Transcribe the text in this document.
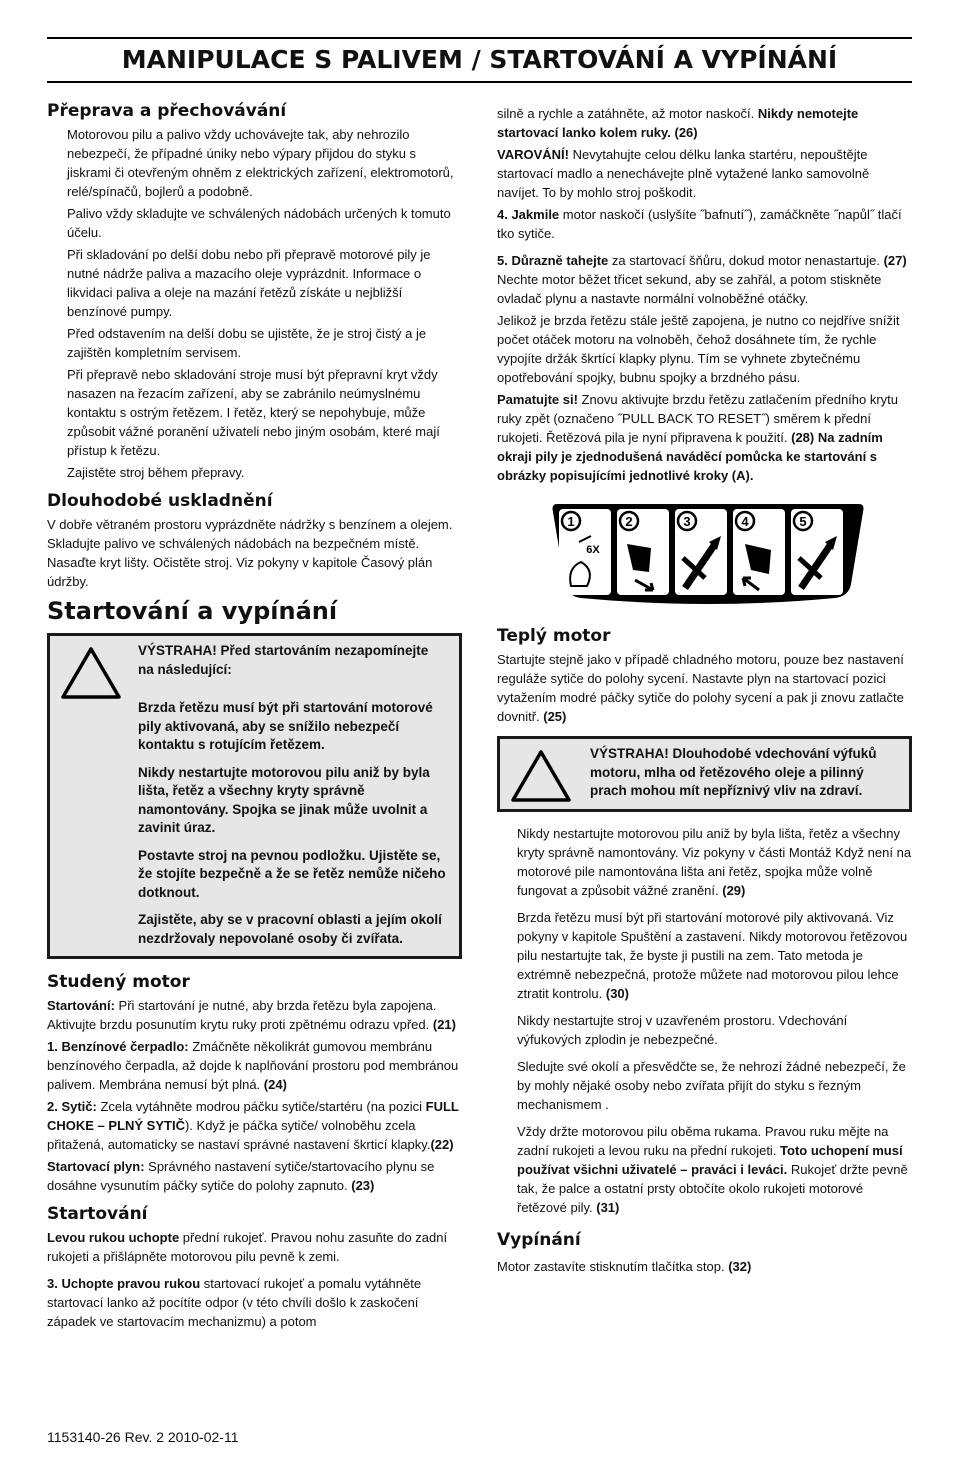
MANIPULACE S PALIVEM / STARTOVÁNÍ A VYPÍNÁNÍ
Přeprava a přechovávání

Motorovou pilu a palivo vždy uchovávejte tak, aby nehrozilo nebezpečí, že případné úniky nebo výpary přijdou do styku s jiskrami či otevřeným ohněm z elektrických zařízení, elektromotorů, relé/spínačů, bojlerů a podobně.

Palivo vždy skladujte ve schválených nádobách určených k tomuto účelu.

Při skladování po delší dobu nebo při přepravě motorové pily je nutné nádrže paliva a mazacího oleje vyprázdnit. Informace o likvidaci paliva a oleje na mazání řetězů získáte u nejbližší benzínové pumpy.

Před odstavením na delší dobu se ujistěte, že je stroj čistý a je zajištěn kompletním servisem.

Při přepravě nebo skladování stroje musí být přepravní kryt vždy nasazen na řezacím zařízení, aby se zabránilo neúmyslnému kontaktu s ostrým řetězem. I řetěz, který se nepohybuje, může způsobit vážné poranění uživateli nebo jiným osobám, které mají přístup k řetězu.

Zajistěte stroj během přepravy.

Dlouhodobé uskladnění

V dobře větraném prostoru vyprázdněte nádržky s benzínem a olejem. Skladujte palivo ve schválených nádobách na bezpečném místě. Nasaďte kryt lišty. Očistěte stroj. Viz pokyny v kapitole Časový plán údržby.

Startování a vypínání

VÝSTRAHA! Před startováním nezapomínejte na následující:

Brzda řetězu musí být při startování motorové pily aktivovaná, aby se snížilo nebezpečí kontaktu s rotujícím řetězem.

Nikdy nestartujte motorovou pilu aniž by byla lišta, řetěz a všechny kryty správně namontovány. Spojka se jinak může uvolnit a zavinit úraz.

Postavte stroj na pevnou podložku. Ujistěte se, že stojíte bezpečně a že se řetěz nemůže ničeho dotknout.

Zajistěte, aby se v pracovní oblasti a jejím okolí nezdržovaly nepovolané osoby či zvířata.

Studený motor

Startování: Při startování je nutné, aby brzda řetězu byla zapojena. Aktivujte brzdu posunutím krytu ruky proti zpětnému odrazu vpřed. (21)

1. Benzínové čerpadlo: Zmáčněte několikrát gumovou membránu benzínového čerpadla, až dojde k naplňování prostoru pod membránou palivem. Membrána nemusí být plná. (24)

2. Sytič: Zcela vytáhněte modrou páčku sytiče/startéru (na pozici FULL CHOKE – PLNÝ SYTIČ). Když je páčka sytiče/ volnoběhu zcela přitažená, automaticky se nastaví správné nastavení škrticí klapky.(22)

Startovací plyn: Správného nastavení sytiče/startovacího plynu se dosáhne vysunutím páčky sytiče do polohy zapnuto. (23)

Startování

Levou rukou uchopte přední rukojeť. Pravou nohu zasuňte do zadní rukojeti a přišlápněte motorovou pilu pevně k zemi.

3. Uchopte pravou rukou startovací rukojeť a pomalu vytáhněte startovací lanko až pocítíte odpor (v této chvíli došlo k zaskočení západek ve startovacím mechanizmu) a potom

silně a rychle a zatáhněte, až motor naskočí. Nikdy nemotejte startovací lanko kolem ruky. (26)

VAROVÁNÍ! Nevytahujte celou délku lanka startéru, nepouštějte startovací madlo a nenechávejte plně vytažené lanko samovolně navíjet. To by mohlo stroj poškodit.

4. Jakmile motor naskočí (uslyšíte ˝bafnutí˝), zamáčkněte ˝napůl˝ tlačí tko sytiče.

5. Důrazně tahejte za startovací šňůru, dokud motor nenastartuje. (27) Nechte motor běžet třicet sekund, aby se zahřál, a potom stiskněte ovladač plynu a nastavte normální volnoběžné otáčky.

Jelikož je brzda řetězu stále ještě zapojena, je nutno co nejdříve snížit počet otáček motoru na volnoběh, čehož dosáhnete tím, že rychle vypojíte držák škrtící klapky plynu. Tím se vyhnete zbytečnému opotřebování spojky, bubnu spojky a brzdného pásu.

Pamatujte si! Znovu aktivujte brzdu řetězu zatlačením předního krytu ruky zpět (označeno ˝PULL BACK TO RESET˝) směrem k přední rukojeti. Řetězová pila je nyní připravena k použití. (28) Na zadním okraji pily je zjednodušená naváděcí pomůcka ke startování s obrázky popisujícími jednotlivé kroky (A).

1
6X
2	3	4	5
Teplý motor

Startujte stejně jako v případě chladného motoru, pouze bez nastavení reguláže sytiče do polohy sycení. Nastavte plyn na startovací pozici vytažením modré páčky sytiče do polohy sycení a pak ji znovu zatlačte dovnitř. (25)

VÝSTRAHA! Dlouhodobé vdechování výfuků motoru, mlha od řetězového oleje a pilinný prach mohou mít nepříznivý vliv na zdraví.

Nikdy nestartujte motorovou pilu aniž by byla lišta, řetěz a všechny kryty správně namontovány. Viz pokyny v části Montáž Když není na motorové pile namontována lišta ani řetěz, spojka může volně fungovat a způsobit vážné zranění. (29)

Brzda řetězu musí být při startování motorové pily aktivovaná. Viz pokyny v kapitole Spuštění a zastavení. Nikdy motorovou řetězovou pilu nestartujte tak, že byste ji pustili na zem. Tato metoda je extrémně nebezpečná, protože můžete nad motorovou pilou lehce ztratit kontrolu. (30)

Nikdy nestartujte stroj v uzavřeném prostoru. Vdechování výfukových zplodin je nebezpečné.

Sledujte své okolí a přesvědčte se, že nehrozí žádné nebezpečí, že by mohly nějaké osoby nebo zvířata přijít do styku s řezným mechanismem .

Vždy držte motorovou pilu oběma rukama. Pravou ruku mějte na zadní rukojeti a levou ruku na přední rukojeti. Toto uchopení musí používat všichni uživatelé – praváci i leváci. Rukojeť držte pevně tak, že palce a ostatní prsty obtočíte okolo rukojeti motorové řetězové pily. (31)

Vypínání

Motor zastavíte stisknutím tlačítka stop. (32)

1153140-26 Rev. 2 2010-02-11
